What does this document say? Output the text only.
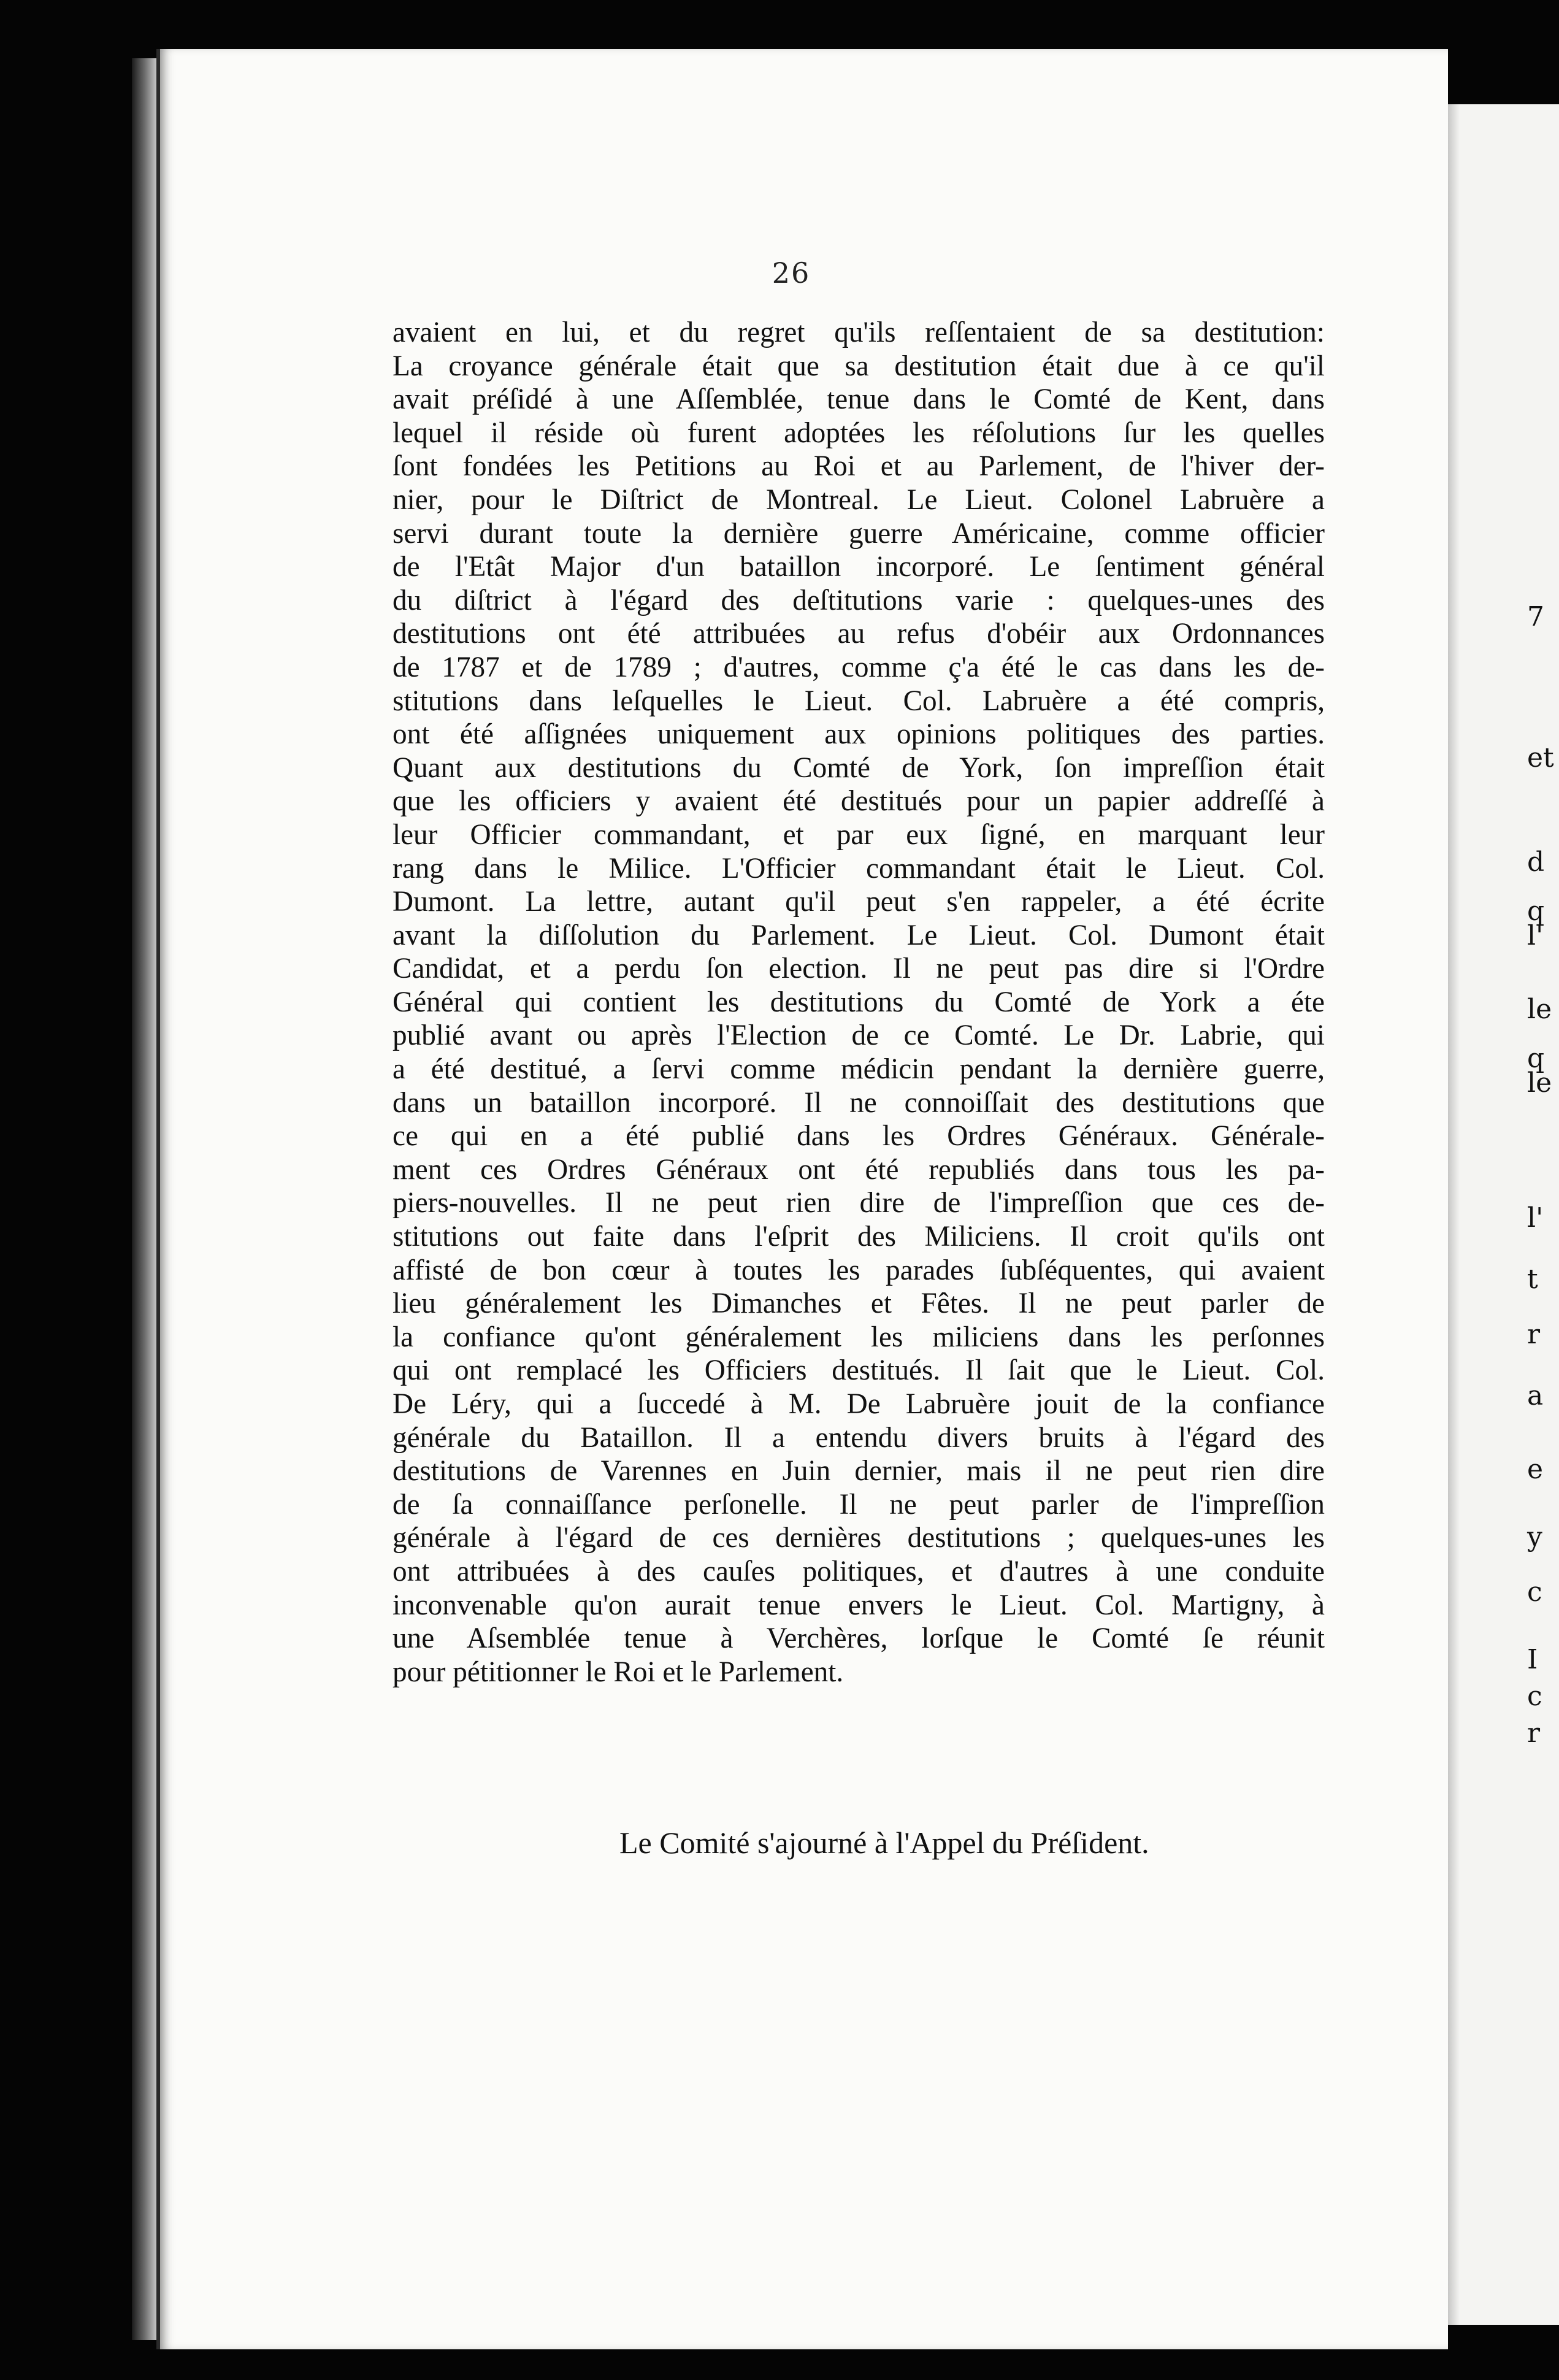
7
et
d
q
l'
le
q
le
l'
t
r
a
e
y
c
I
c
r
26
avaient en lui, et du regret qu'ils reſſentaient de sa destitution:
La croyance générale était que sa destitution était due à ce qu'il
avait préſidé à une Aſſemblée, tenue dans le Comté de Kent, dans
lequel il réside où furent adoptées les réſolutions ſur les quelles
ſont fondées les Petitions au Roi et au Parlement, de l'hiver der-
nier, pour le Diſtrict de Montreal. Le Lieut. Colonel Labruère a
servi durant toute la dernière guerre Américaine, comme officier
de l'Etât Major d'un bataillon incorporé. Le ſentiment général
du diſtrict à l'égard des deſtitutions varie : quelques-unes des
destitutions ont été attribuées au refus d'obéir aux Ordonnances
de 1787 et de 1789 ; d'autres, comme ç'a été le cas dans les de-
stitutions dans leſquelles le Lieut. Col. Labruère a été compris,
ont été aſſignées uniquement aux opinions politiques des parties.
Quant aux destitutions du Comté de York, ſon impreſſion était
que les officiers y avaient été destitués pour un papier addreſſé à
leur Officier commandant, et par eux ſigné, en marquant leur
rang dans le Milice. L'Officier commandant était le Lieut. Col.
Dumont. La lettre, autant qu'il peut s'en rappeler, a été écrite
avant la diſſolution du Parlement. Le Lieut. Col. Dumont était
Candidat, et a perdu ſon election. Il ne peut pas dire si l'Ordre
Général qui contient les destitutions du Comté de York a éte
publié avant ou après l'Election de ce Comté. Le Dr. Labrie, qui
a été destitué, a ſervi comme médicin pendant la dernière guerre,
dans un bataillon incorporé. Il ne connoiſſait des destitutions que
ce qui en a été publié dans les Ordres Généraux. Générale-
ment ces Ordres Généraux ont été republiés dans tous les pa-
piers-nouvelles. Il ne peut rien dire de l'impreſſion que ces de-
stitutions out faite dans l'eſprit des Miliciens. Il croit qu'ils ont
affisté de bon cœur à toutes les parades ſubſéquentes, qui avaient
lieu généralement les Dimanches et Fêtes. Il ne peut parler de
la confiance qu'ont généralement les miliciens dans les perſonnes
qui ont remplacé les Officiers destitués. Il ſait que le Lieut. Col.
De Léry, qui a ſuccedé à M. De Labruère jouit de la confiance
générale du Bataillon. Il a entendu divers bruits à l'égard des
destitutions de Varennes en Juin dernier, mais il ne peut rien dire
de ſa connaiſſance perſonelle. Il ne peut parler de l'impreſſion
générale à l'égard de ces dernières destitutions ; quelques-unes les
ont attribuées à des cauſes politiques, et d'autres à une conduite
inconvenable qu'on aurait tenue envers le Lieut. Col. Martigny, à
une Aſsemblée tenue à Verchères, lorſque le Comté ſe réunit
pour pétitionner le Roi et le Parlement.
Le Comité s'ajourné à l'Appel du Préſident.
